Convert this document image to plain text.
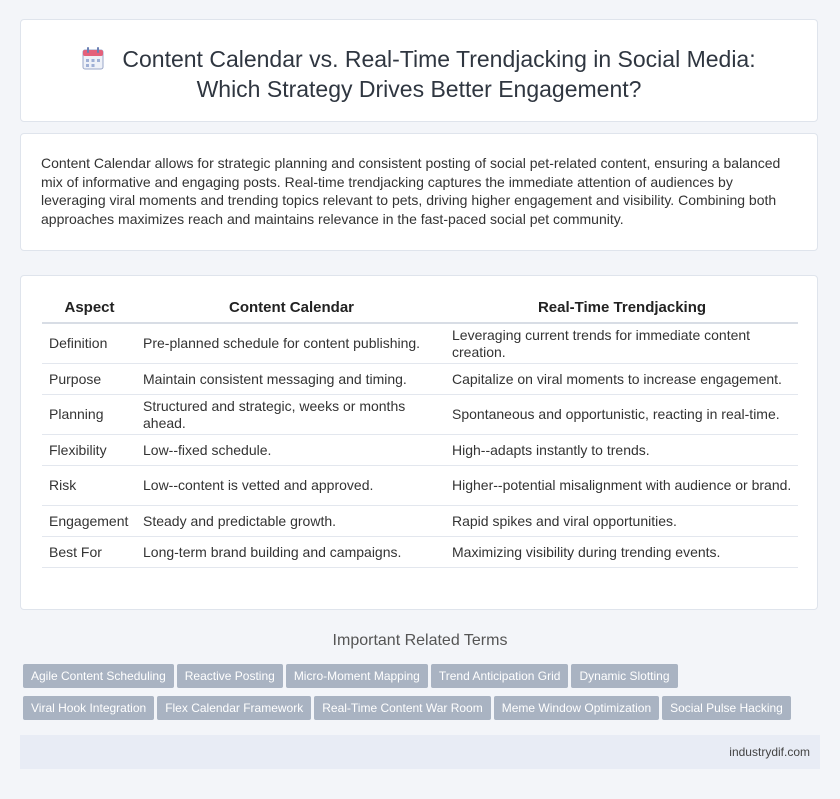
Content Calendar vs. Real-Time Trendjacking in Social Media:
Which Strategy Drives Better Engagement?

Content Calendar allows for strategic planning and consistent posting of social pet-related content, ensuring a balanced mix of informative and engaging posts. Real-time trendjacking captures the immediate attention of audiences by leveraging viral moments and trending topics relevant to pets, driving higher engagement and visibility. Combining both approaches maximizes reach and maintains relevance in the fast-paced social pet community.

Aspect	Content Calendar	Real-Time Trendjacking
Definition	Pre-planned schedule for content publishing.	Leveraging current trends for immediate content creation.
Purpose	Maintain consistent messaging and timing.	Capitalize on viral moments to increase engagement.
Planning	Structured and strategic, weeks or months ahead.	Spontaneous and opportunistic, reacting in real-time.
Flexibility	Low--fixed schedule.	High--adapts instantly to trends.
Risk	Low--content is vetted and approved.	Higher--potential misalignment with audience or brand.
Engagement	Steady and predictable growth.	Rapid spikes and viral opportunities.
Best For	Long-term brand building and campaigns.	Maximizing visibility during trending events.
Important Related Terms
Agile Content Scheduling Reactive Posting Micro-Moment Mapping Trend Anticipation Grid Dynamic Slotting
Viral Hook Integration Flex Calendar Framework Real-Time Content War Room Meme Window Optimization Social Pulse Hacking
industrydif.com
